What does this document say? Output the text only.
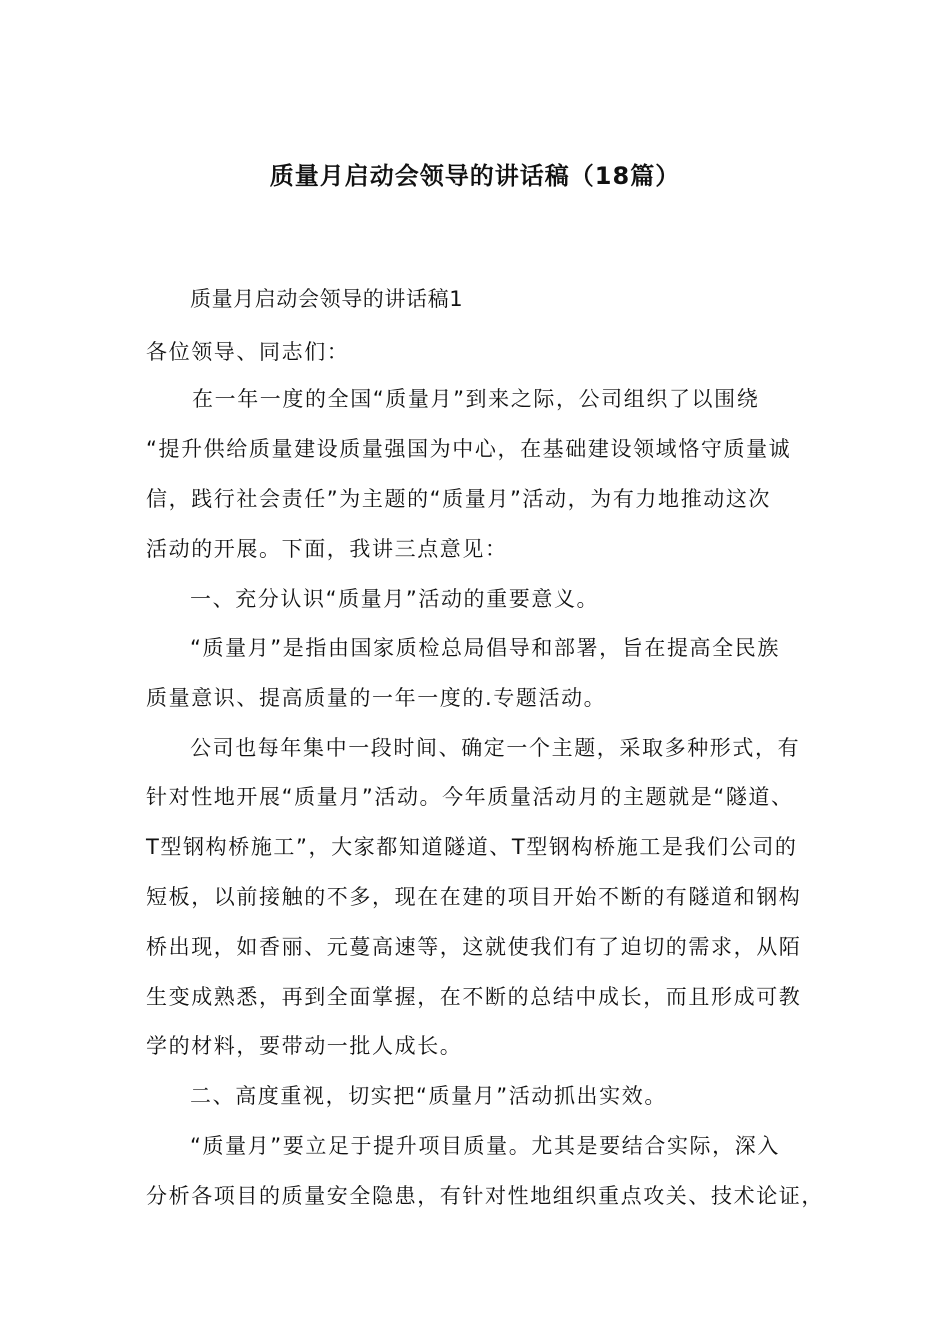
质量月启动会领导的讲话稿（18篇）
质量月启动会领导的讲话稿1
各位领导、同志们：
在一年一度的全国“质量月”到来之际，公司组织了以围绕
“提升供给质量建设质量强国为中心，在基础建设领域恪守质量诚
信，践行社会责任”为主题的“质量月”活动，为有力地推动这次
活动的开展。下面，我讲三点意见：
一、充分认识“质量月”活动的重要意义。
“质量月”是指由国家质检总局倡导和部署，旨在提高全民族
质量意识、提高质量的一年一度的.专题活动。
公司也每年集中一段时间、确定一个主题，采取多种形式，有
针对性地开展“质量月”活动。今年质量活动月的主题就是“隧道、
T型钢构桥施工”，大家都知道隧道、T型钢构桥施工是我们公司的
短板，以前接触的不多，现在在建的项目开始不断的有隧道和钢构
桥出现，如香丽、元蔓高速等，这就使我们有了迫切的需求，从陌
生变成熟悉，再到全面掌握，在不断的总结中成长，而且形成可教
学的材料，要带动一批人成长。
二、高度重视，切实把“质量月”活动抓出实效。
“质量月”要立足于提升项目质量。尤其是要结合实际，深入
分析各项目的质量安全隐患，有针对性地组织重点攻关、技术论证，
